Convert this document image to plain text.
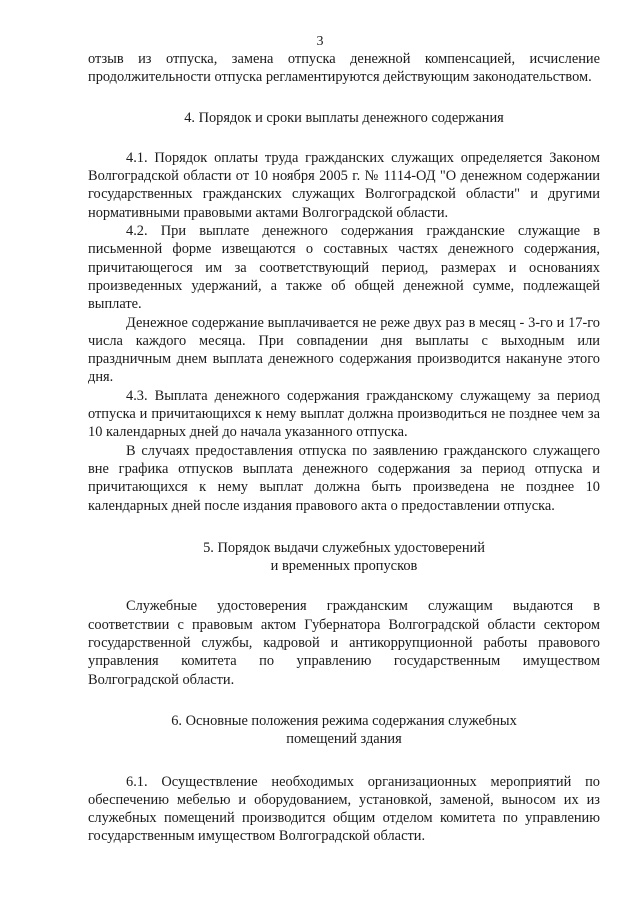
3

отзыв из отпуска, замена отпуска денежной компенсацией, исчисление продолжительности отпуска регламентируются действующим законодательством.

4. Порядок и сроки выплаты денежного содержания

4.1. Порядок оплаты труда гражданских служащих определяется Законом Волгоградской области от 10 ноября 2005 г. № 1114-ОД "О денежном содержании государственных гражданских служащих Волгоградской области" и другими нормативными правовыми актами Волгоградской области.

4.2. При выплате денежного содержания гражданские служащие в письменной форме извещаются о составных частях денежного содержания, причитающегося им за соответствующий период, размерах и основаниях произведенных удержаний, а также об общей денежной сумме, подлежащей выплате.

Денежное содержание выплачивается не реже двух раз в месяц - 3-го и 17-го числа каждого месяца. При совпадении дня выплаты с выходным или праздничным днем выплата денежного содержания производится накануне этого дня.

4.3. Выплата денежного содержания гражданскому служащему за период отпуска и причитающихся к нему выплат должна производиться не позднее чем за 10 календарных дней до начала указанного отпуска.

В случаях предоставления отпуска по заявлению гражданского служащего вне графика отпусков выплата денежного содержания за период отпуска и причитающихся к нему выплат должна быть произведена не позднее 10 календарных дней после издания правового акта о предоставлении отпуска.

5. Порядок выдачи служебных удостоверений
и временных пропусков

Служебные удостоверения гражданским служащим выдаются в соответствии с правовым актом Губернатора Волгоградской области сектором государственной службы, кадровой и антикоррупционной работы правового управления комитета по управлению государственным имуществом Волгоградской области.

6. Основные положения режима содержания служебных
помещений здания

6.1. Осуществление необходимых организационных мероприятий по обеспечению мебелью и оборудованием, установкой, заменой, выносом их из служебных помещений производится общим отделом комитета по управлению государственным имуществом Волгоградской области.
